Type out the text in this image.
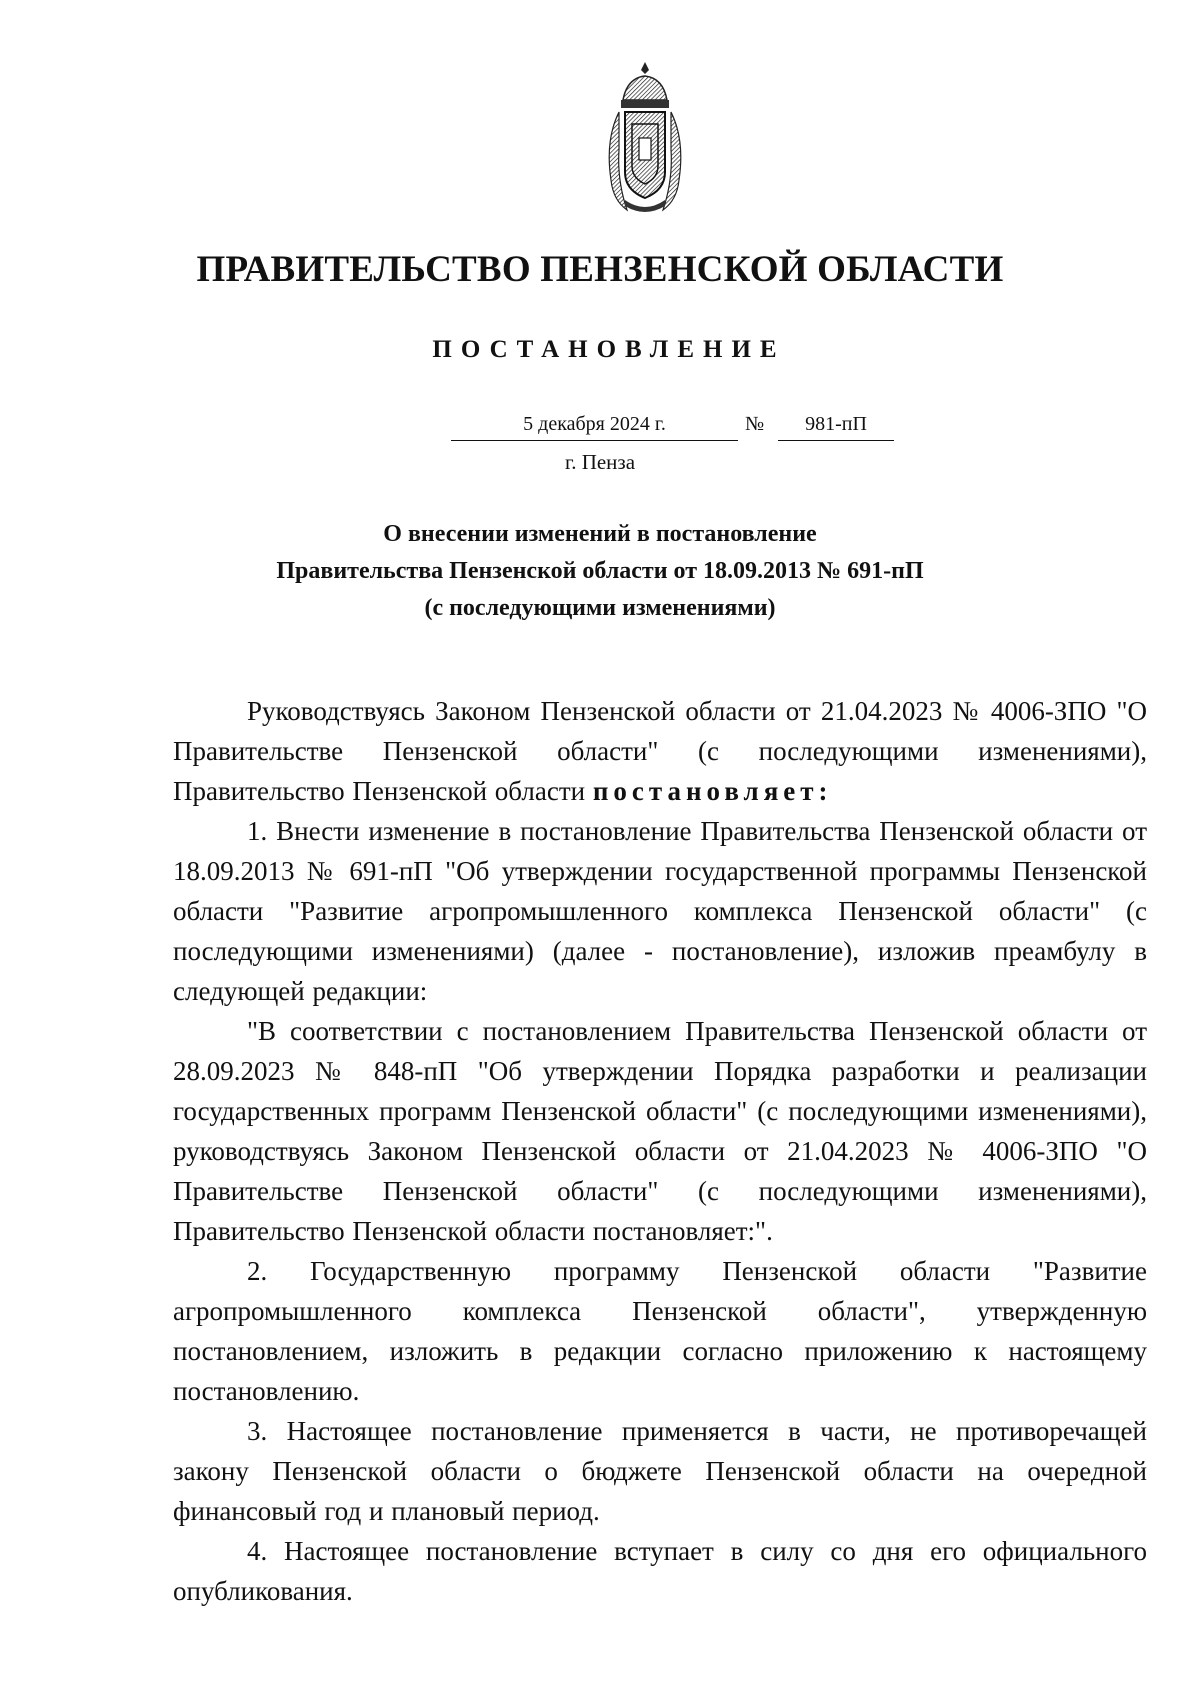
ПРАВИТЕЛЬСТВО ПЕНЗЕНСКОЙ ОБЛАСТИ
ПОСТАНОВЛЕНИЕ
5 декабря 2024 г.	№	981-пП
г. Пенза
О внесении изменений в постановление
Правительства Пензенской области от 18.09.2013 № 691-пП
(с последующими изменениями)

Руководствуясь Законом Пензенской области от 21.04.2023 № 4006-ЗПО "О Правительстве Пензенской области" (с последующими изменениями), Правительство Пензенской области постановляет:

1. Внести изменение в постановление Правительства Пензенской области от 18.09.2013 № 691-пП "Об утверждении государственной программы Пензенской области "Развитие агропромышленного комплекса Пензенской области" (с последующими изменениями) (далее - постановление), изложив преамбулу в следующей редакции:

"В соответствии с постановлением Правительства Пензенской области от 28.09.2023 № 848-пП "Об утверждении Порядка разработки и реализации государственных программ Пензенской области" (с последующими изменениями), руководствуясь Законом Пензенской области от 21.04.2023 № 4006-ЗПО "О Правительстве Пензенской области" (с последующими изменениями), Правительство Пензенской области постановляет:".

2. Государственную программу Пензенской области "Развитие агропромышленного комплекса Пензенской области", утвержденную постановлением, изложить в редакции согласно приложению к настоящему постановлению.

3. Настоящее постановление применяется в части, не противоречащей закону Пензенской области о бюджете Пензенской области на очередной финансовый год и плановый период.

4. Настоящее постановление вступает в силу со дня его официального опубликования.
